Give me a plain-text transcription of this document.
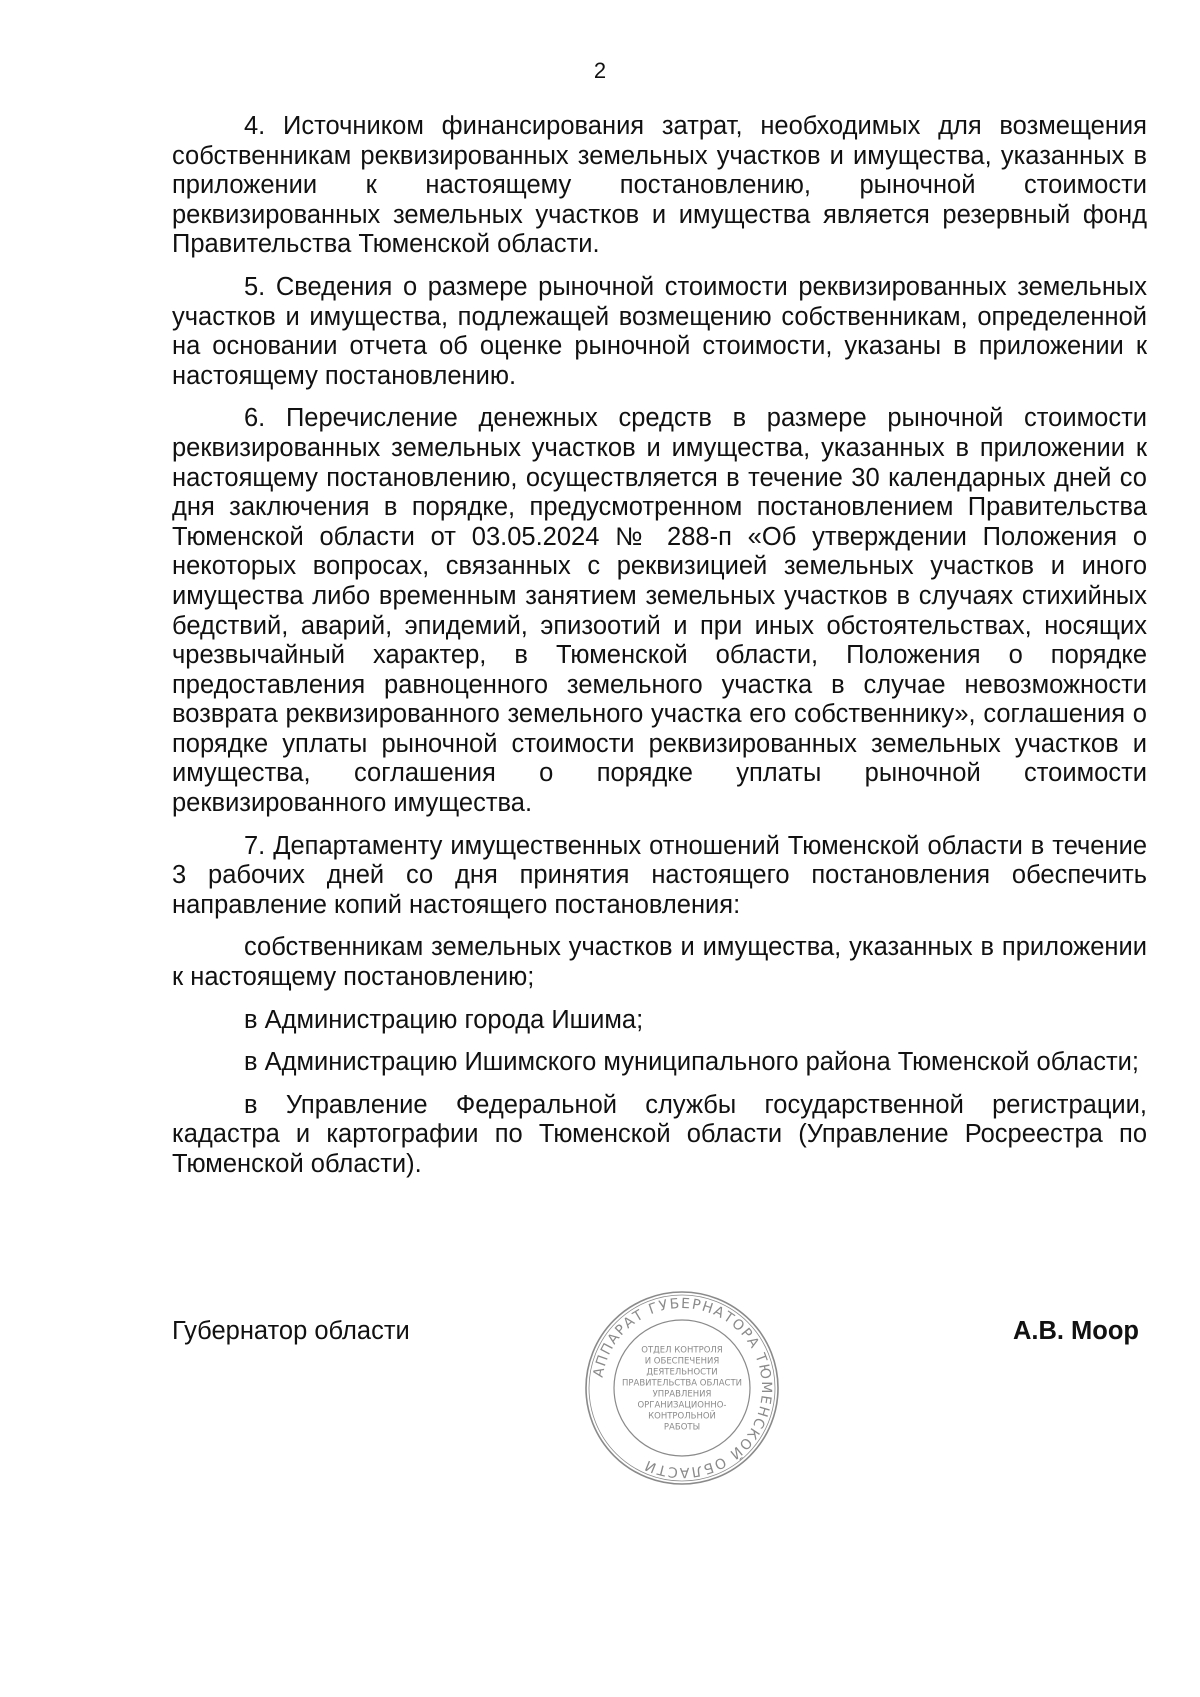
2

4. Источником финансирования затрат, необходимых для возмещения собственникам реквизированных земельных участков и имущества, указанных в приложении к настоящему постановлению, рыночной стоимости реквизированных земельных участков и имущества является резервный фонд Правительства Тюменской области.

5. Сведения о размере рыночной стоимости реквизированных земельных участков и имущества, подлежащей возмещению собственникам, определенной на основании отчета об оценке рыночной стоимости, указаны в приложении к настоящему постановлению.

6. Перечисление денежных средств в размере рыночной стоимости реквизированных земельных участков и имущества, указанных в приложении к настоящему постановлению, осуществляется в течение 30 календарных дней со дня заключения в порядке, предусмотренном постановлением Правительства Тюменской области от 03.05.2024 № 288-п «Об утверждении Положения о некоторых вопросах, связанных с реквизицией земельных участков и иного имущества либо временным занятием земельных участков в случаях стихийных бедствий, аварий, эпидемий, эпизоотий и при иных обстоятельствах, носящих чрезвычайный характер, в Тюменской области, Положения о порядке предоставления равноценного земельного участка в случае невозможности возврата реквизированного земельного участка его собственнику», соглашения о порядке уплаты рыночной стоимости реквизированных земельных участков и имущества, соглашения о порядке уплаты рыночной стоимости реквизированного имущества.

7. Департаменту имущественных отношений Тюменской области в течение 3 рабочих дней со дня принятия настоящего постановления обеспечить направление копий настоящего постановления:

собственникам земельных участков и имущества, указанных в приложении к настоящему постановлению;

в Администрацию города Ишима;

в Администрацию Ишимского муниципального района Тюменской области;

в Управление Федеральной службы государственной регистрации, кадастра и картографии по Тюменской области (Управление Росреестра по Тюменской области).

Губернатор области
АППАРАТ ГУБЕРНАТОРА ТЮМЕНСКОЙ ОБЛАСТИ
ОТДЕЛ КОНТРОЛЯ
И ОБЕСПЕЧЕНИЯ
ДЕЯТЕЛЬНОСТИ
ПРАВИТЕЛЬСТВА ОБЛАСТИ
УПРАВЛЕНИЯ
ОРГАНИЗАЦИОННО-
КОНТРОЛЬНОЙ
РАБОТЫ
А.В. Моор
